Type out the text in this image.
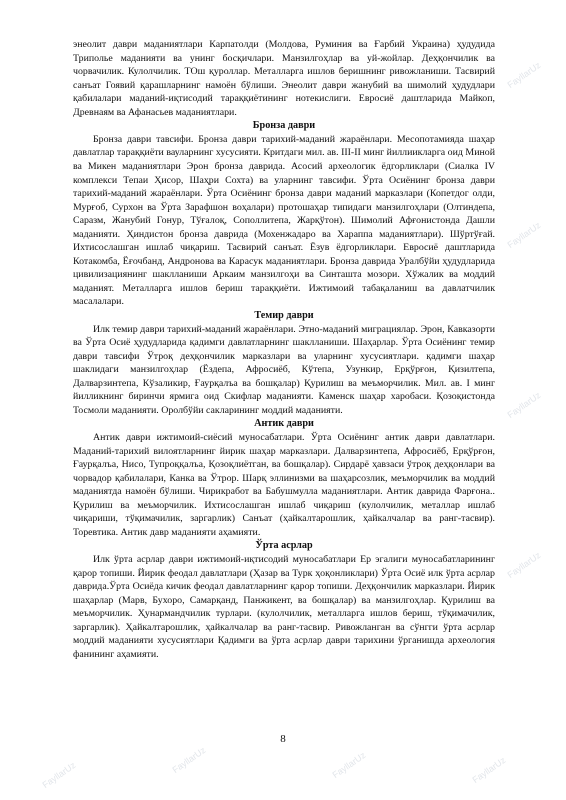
энеолит даври маданиятлари Карпатолди (Молдова, Руминия ва Ғарбий Украина) ҳудудида Триполье маданияти ва унинг босқичлари. Манзилгоҳлар ва уй-жойлар. Деҳқончилик ва чорвачилик. Кулолчилик. ТОш қуроллар. Металларга ишлов беришнинг ривожланиши. Тасвирий санъат Гоявий қарашларнинг намоён бўлиши. Энеолит даври жанубий ва шимолий ҳудудлари қабилалари маданий-иқтисодий тараққиётининг нотекислиги. Евросиё даштларида Майкоп, Древнаям ва Афанасьев маданиятлари.

Бронза даври

Бронза даври тавсифи. Бронза даври тарихий-маданий жараёнлари. Месопотамияда шаҳар давлатлар тараққиёти вауларнинг хусусияти. Критдаги мил. ав. III-II минг йиллиикларга оид Миной ва Микен маданиятлари Эрон бронза даврида. Асосий археологик ёдгорликлари (Сиалка IV комплекси Тепаи Ҳисор, Шаҳри Сохта) ва уларнинг тавсифи. Ўрта Осиёнинг бронза даври тарихий-маданий жараёнлари. Ўрта Осиёнинг бронза даври маданий марказлари (Копетдог олди, Мурғоб, Сурхон ва Ўрта Зарафшон воҳалари) протошаҳар типидаги манзилгоҳлари (Олтиндепа, Саразм, Жанубий Гонур, Тўғалоқ, Сополлитепа, Жарқўтон). Шимолий Афғонистонда Дашли маданияти. Ҳиндистон бронза даврида (Мохенжадаро ва Хараппа маданиятлари). Шўртўғай. Ихтисослашган ишлаб чиқариш. Тасвирий санъат. Ёзув ёдгорликлари. Евросиё даштларида Котакомба, Ёғочбанд, Андронова ва Карасук маданиятлари. Бронза даврида Уралбўйи ҳудудларида цивилизациянинг шаклланиши Аркаим манзилгоҳи ва Синташта мозори. Хўжалик ва моддий маданият. Металларга ишлов бериш тараққиёти. Ижтимоий табақаланиш ва давлатчилик масалалари.

Темир даври

Илк темир даври тарихий-маданий жараёнлари. Этно-маданий миграциялар. Эрон, Кавказорти ва Ўрта Осиё ҳудудларида қадимги давлатларнинг шаклланиши. Шаҳарлар. Ўрта Осиёнинг темир даври тавсифи Ўтроқ деҳқончилик марказлари ва уларнинг хусусиятлари. қадимги шаҳар шаклидаги манзилгоҳлар (Ёздепа, Афросиёб, Кўтепа, Узункир, Ерқўрғон, Қизилтепа, Далварзинтепа, Кўзаликир, Ғаурқалъа ва бошқалар) Қурилиш ва меъморчилик. Мил. ав. I минг йилликнинг биринчи ярмига оид Скифлар маданияти. Каменск шаҳар харобаси. Қозоқистонда Тосмоли маданияти. Оролбўйи сакларининг моддий маданияти.

Антик даври

Антик даври ижтимоий-сиёсий муносабатлари. Ўрта Осиёнинг антик даври давлатлари. Маданий-тарихий вилоятларнинг йирик шаҳар марказлари. Далварзинтепа, Афросиёб, Ерқўрғон, Ғаурқалъа, Нисо, Тупроққалъа, Қозоқлиётган, ва бошқалар). Сирдарё ҳавзаси ўтроқ деҳқонлари ва чорвадор қабилалари, Канка ва Ўтрор. Шарқ эллинизми ва шаҳарсозлик, меъморчилик ва моддий маданиятда намоён бўлиши. Чирикработ ва Бабушмулла маданиятлари. Антик даврида Фарғона.. Қурилиш ва меъморчилик. Ихтисослашган ишлаб чиқариш (кулолчилик, металлар ишлаб чиқариши, тўқимачилик, заргарлик) Санъат (ҳайкалтарошлик, ҳайкалчалар ва ранг-тасвир). Торевтика. Антик давр маданияти аҳамияти.

Ўрта асрлар

Илк ўрта асрлар даври ижтимоий-иқтисодий муносабатлари Ер эгалиги муносабатларининг қарор топиши. Йирик феодал давлатлари (Ҳазар ва Турк ҳоқонликлари) Ўрта Осиё илк ўрта асрлар даврида.Ўрта Осиёда кичик феодал давлатларнинг қарор топиши. Деҳқончилик марказлари. Йирик шаҳарлар (Марв, Бухоро, Самарқанд, Панжикент, ва бошқалар) ва манзилгоҳлар. Қурилиш ва меъморчилик. Ҳунармандчилик турлари. (кулолчилик, металларга ишлов бериш, тўқимачилик, заргарлик). Ҳайкалтарошлик, ҳайкалчалар ва ранг-тасвир. Ривожланган ва сўнгги ўрта асрлар моддий маданияти хусусиятлари Қадимги ва ўрта асрлар даври тарихини ўрганишда археология фанининг аҳамияти.

8
FayllarUz
FayllarUz
FayllarUz
FayllarUz
FayllarUz	FayllarUz	FayllarUz
FayllarUz
